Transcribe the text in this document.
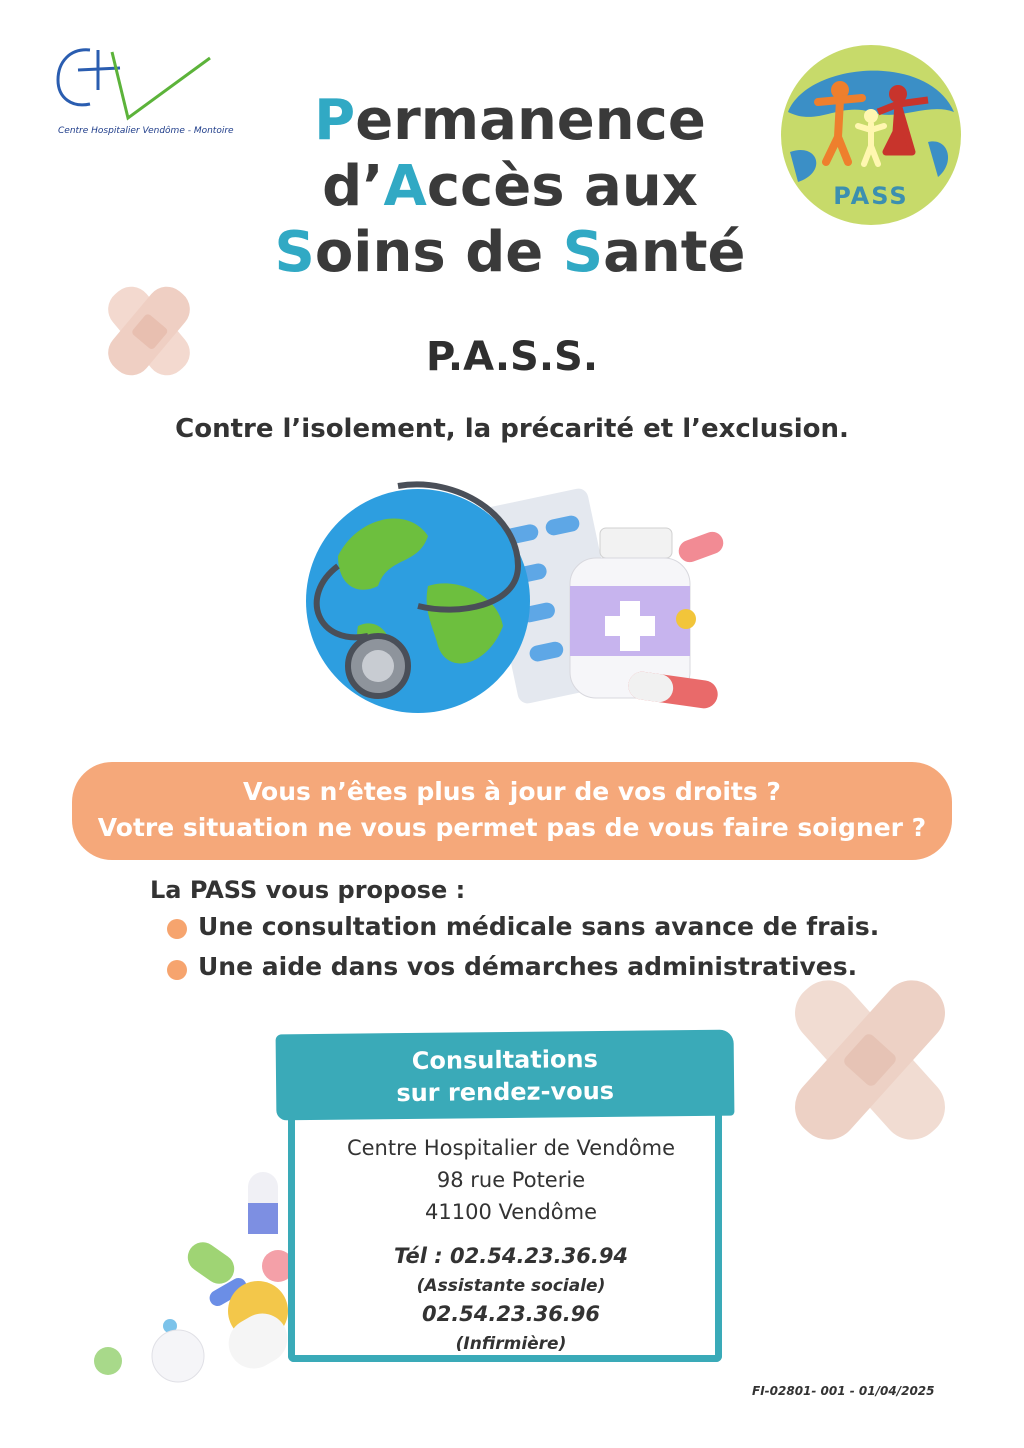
Centre Hospitalier Vendôme - Montoire
PASS
Permanence
d’Accès aux
Soins de Santé
P.A.S.S.
Contre l’isolement, la précarité et l’exclusion.
Vous n’êtes plus à jour de vos droits ?
Votre situation ne vous permet pas de vous faire soigner ?
La PASS vous propose :
Une consultation médicale sans avance de frais.
Une aide dans vos démarches administratives.
Consultations
sur rendez-vous
Centre Hospitalier de Vendôme
98 rue Poterie
41100 Vendôme
Tél : 02.54.23.36.94
(Assistante sociale)
02.54.23.36.96
(Infirmière)
FI-02801- 001 - 01/04/2025
